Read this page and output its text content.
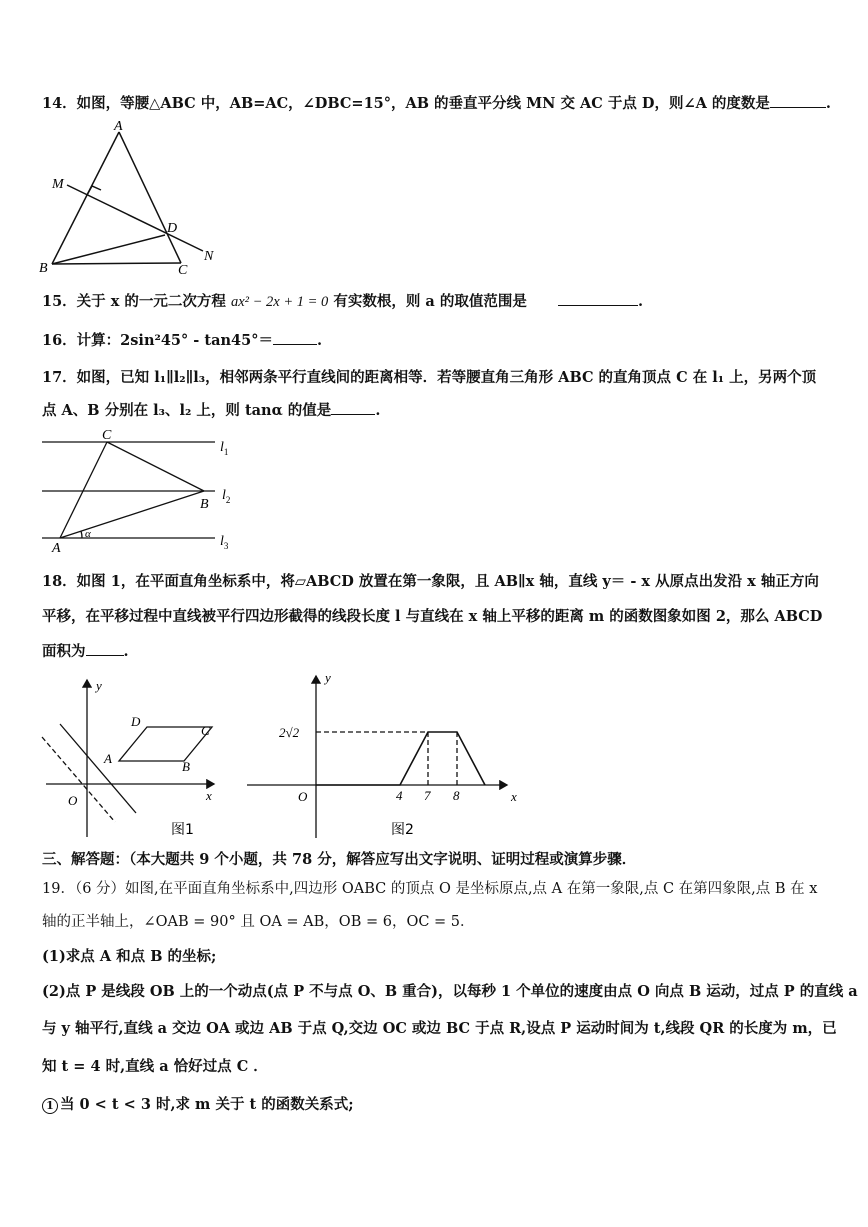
14．如图，等腰△ABC 中，AB=AC，∠DBC=15°，AB 的垂直平分线 MN 交 AC 于点 D，则∠A 的度数是	.
A
M
D
N
B	C
15．关于 x 的一元二次方程 ax² − 2x + 1 = 0 有实数根，则 a 的取值范围是	.
16．计算：2sin²45° - tan45°＝	.
17．如图，已知 l₁∥l₂∥l₃，相邻两条平行直线间的距离相等．若等腰直角三角形 ABC 的直角顶点 C 在 l₁ 上，另两个顶
点 A、B 分别在 l₃、l₂ 上，则 tanα 的值是	.
C
B
A
α
$l_1$
$l_2$
$l_3$
18．如图 1，在平面直角坐标系中，将▱ABCD 放置在第一象限，且 AB∥x 轴，直线 y＝ - x 从原点出发沿 x 轴正方向
平移，在平移过程中直线被平行四边形截得的线段长度 l 与直线在 x 轴上平移的距离 m 的函数图象如图 2，那么 ABCD
面积为	.
y
x
O
A
B
C
D
图1
y
x
O
2√2
4 7 8
图2
三、解答题：（本大题共 9 个小题，共 78 分，解答应写出文字说明、证明过程或演算步骤．
19．（6 分）如图,在平面直角坐标系中,四边形 OABC 的顶点 O 是坐标原点,点 A 在第一象限,点 C 在第四象限,点 B 在 x
轴的正半轴上，∠OAB = 90° 且 OA = AB，OB = 6，OC = 5．
(1)求点 A 和点 B 的坐标;
(2)点 P 是线段 OB 上的一个动点(点 P 不与点 O、B 重合)，以每秒 1 个单位的速度由点 O 向点 B 运动，过点 P 的直线 a
与 y 轴平行,直线 a 交边 OA 或边 AB 于点 Q,交边 OC 或边 BC 于点 R,设点 P 运动时间为 t,线段 QR 的长度为 m，已
知 t = 4 时,直线 a 恰好过点 C ．
1 当 0 < t < 3 时,求 m 关于 t 的函数关系式;
